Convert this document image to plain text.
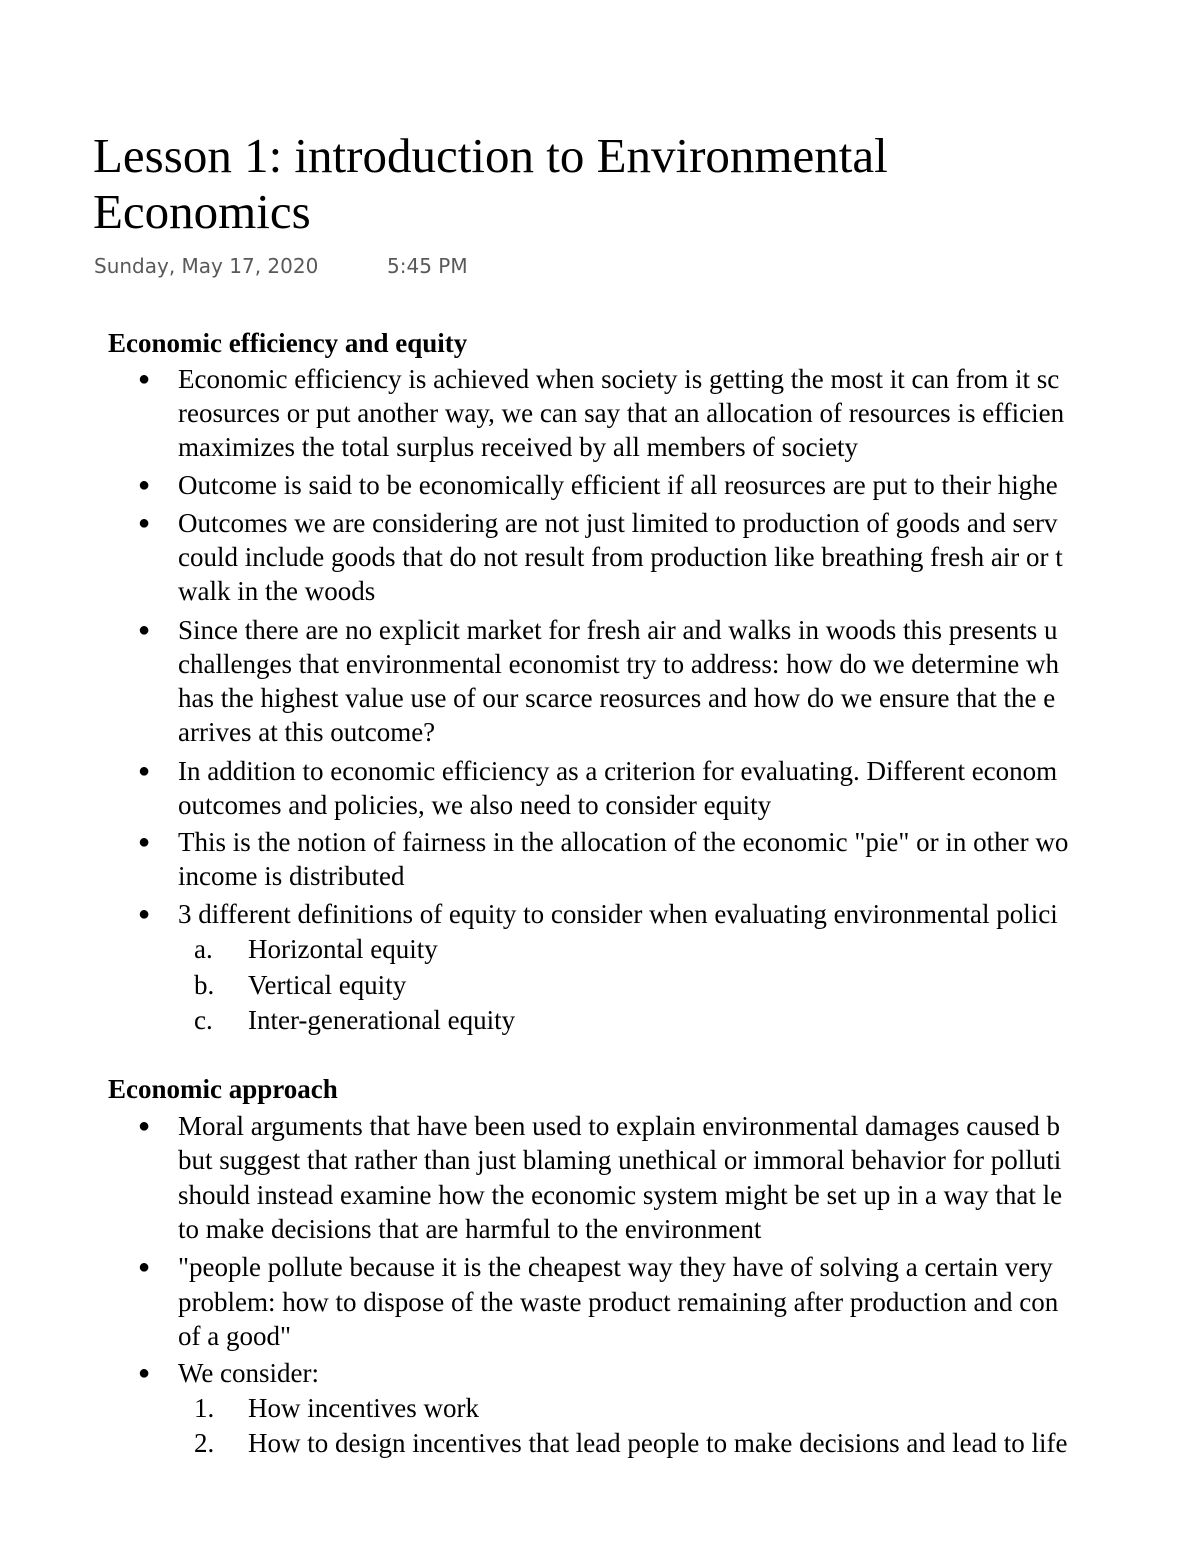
Lesson 1: introduction to Environmental
Economics
Sunday, May 17, 2020	5:45 PM
Economic efficiency and equity
● Economic efficiency is achieved when society is getting the most it can from it sc
reosurces or put another way, we can say that an allocation of resources is efficien
maximizes the total surplus received by all members of society
● Outcome is said to be economically efficient if all reosurces are put to their highe
● Outcomes we are considering are not just limited to production of goods and serv
could include goods that do not result from production like breathing fresh air or t
walk in the woods
● Since there are no explicit market for fresh air and walks in woods this presents u
challenges that environmental economist try to address: how do we determine wh
has the highest value use of our scarce reosurces and how do we ensure that the e
arrives at this outcome?
● In addition to economic efficiency as a criterion for evaluating. Different econom
outcomes and policies, we also need to consider equity
● This is the notion of fairness in the allocation of the economic "pie" or in other wo
income is distributed
● 3 different definitions of equity to consider when evaluating environmental polici
a. Horizontal equity
b. Vertical equity
c. Inter-generational equity
Economic approach
● Moral arguments that have been used to explain environmental damages caused b
but suggest that rather than just blaming unethical or immoral behavior for polluti
should instead examine how the economic system might be set up in a way that le
to make decisions that are harmful to the environment
● "people pollute because it is the cheapest way they have of solving a certain very
problem: how to dispose of the waste product remaining after production and con
of a good"
● We consider:
1. How incentives work
2. How to design incentives that lead people to make decisions and lead to life
